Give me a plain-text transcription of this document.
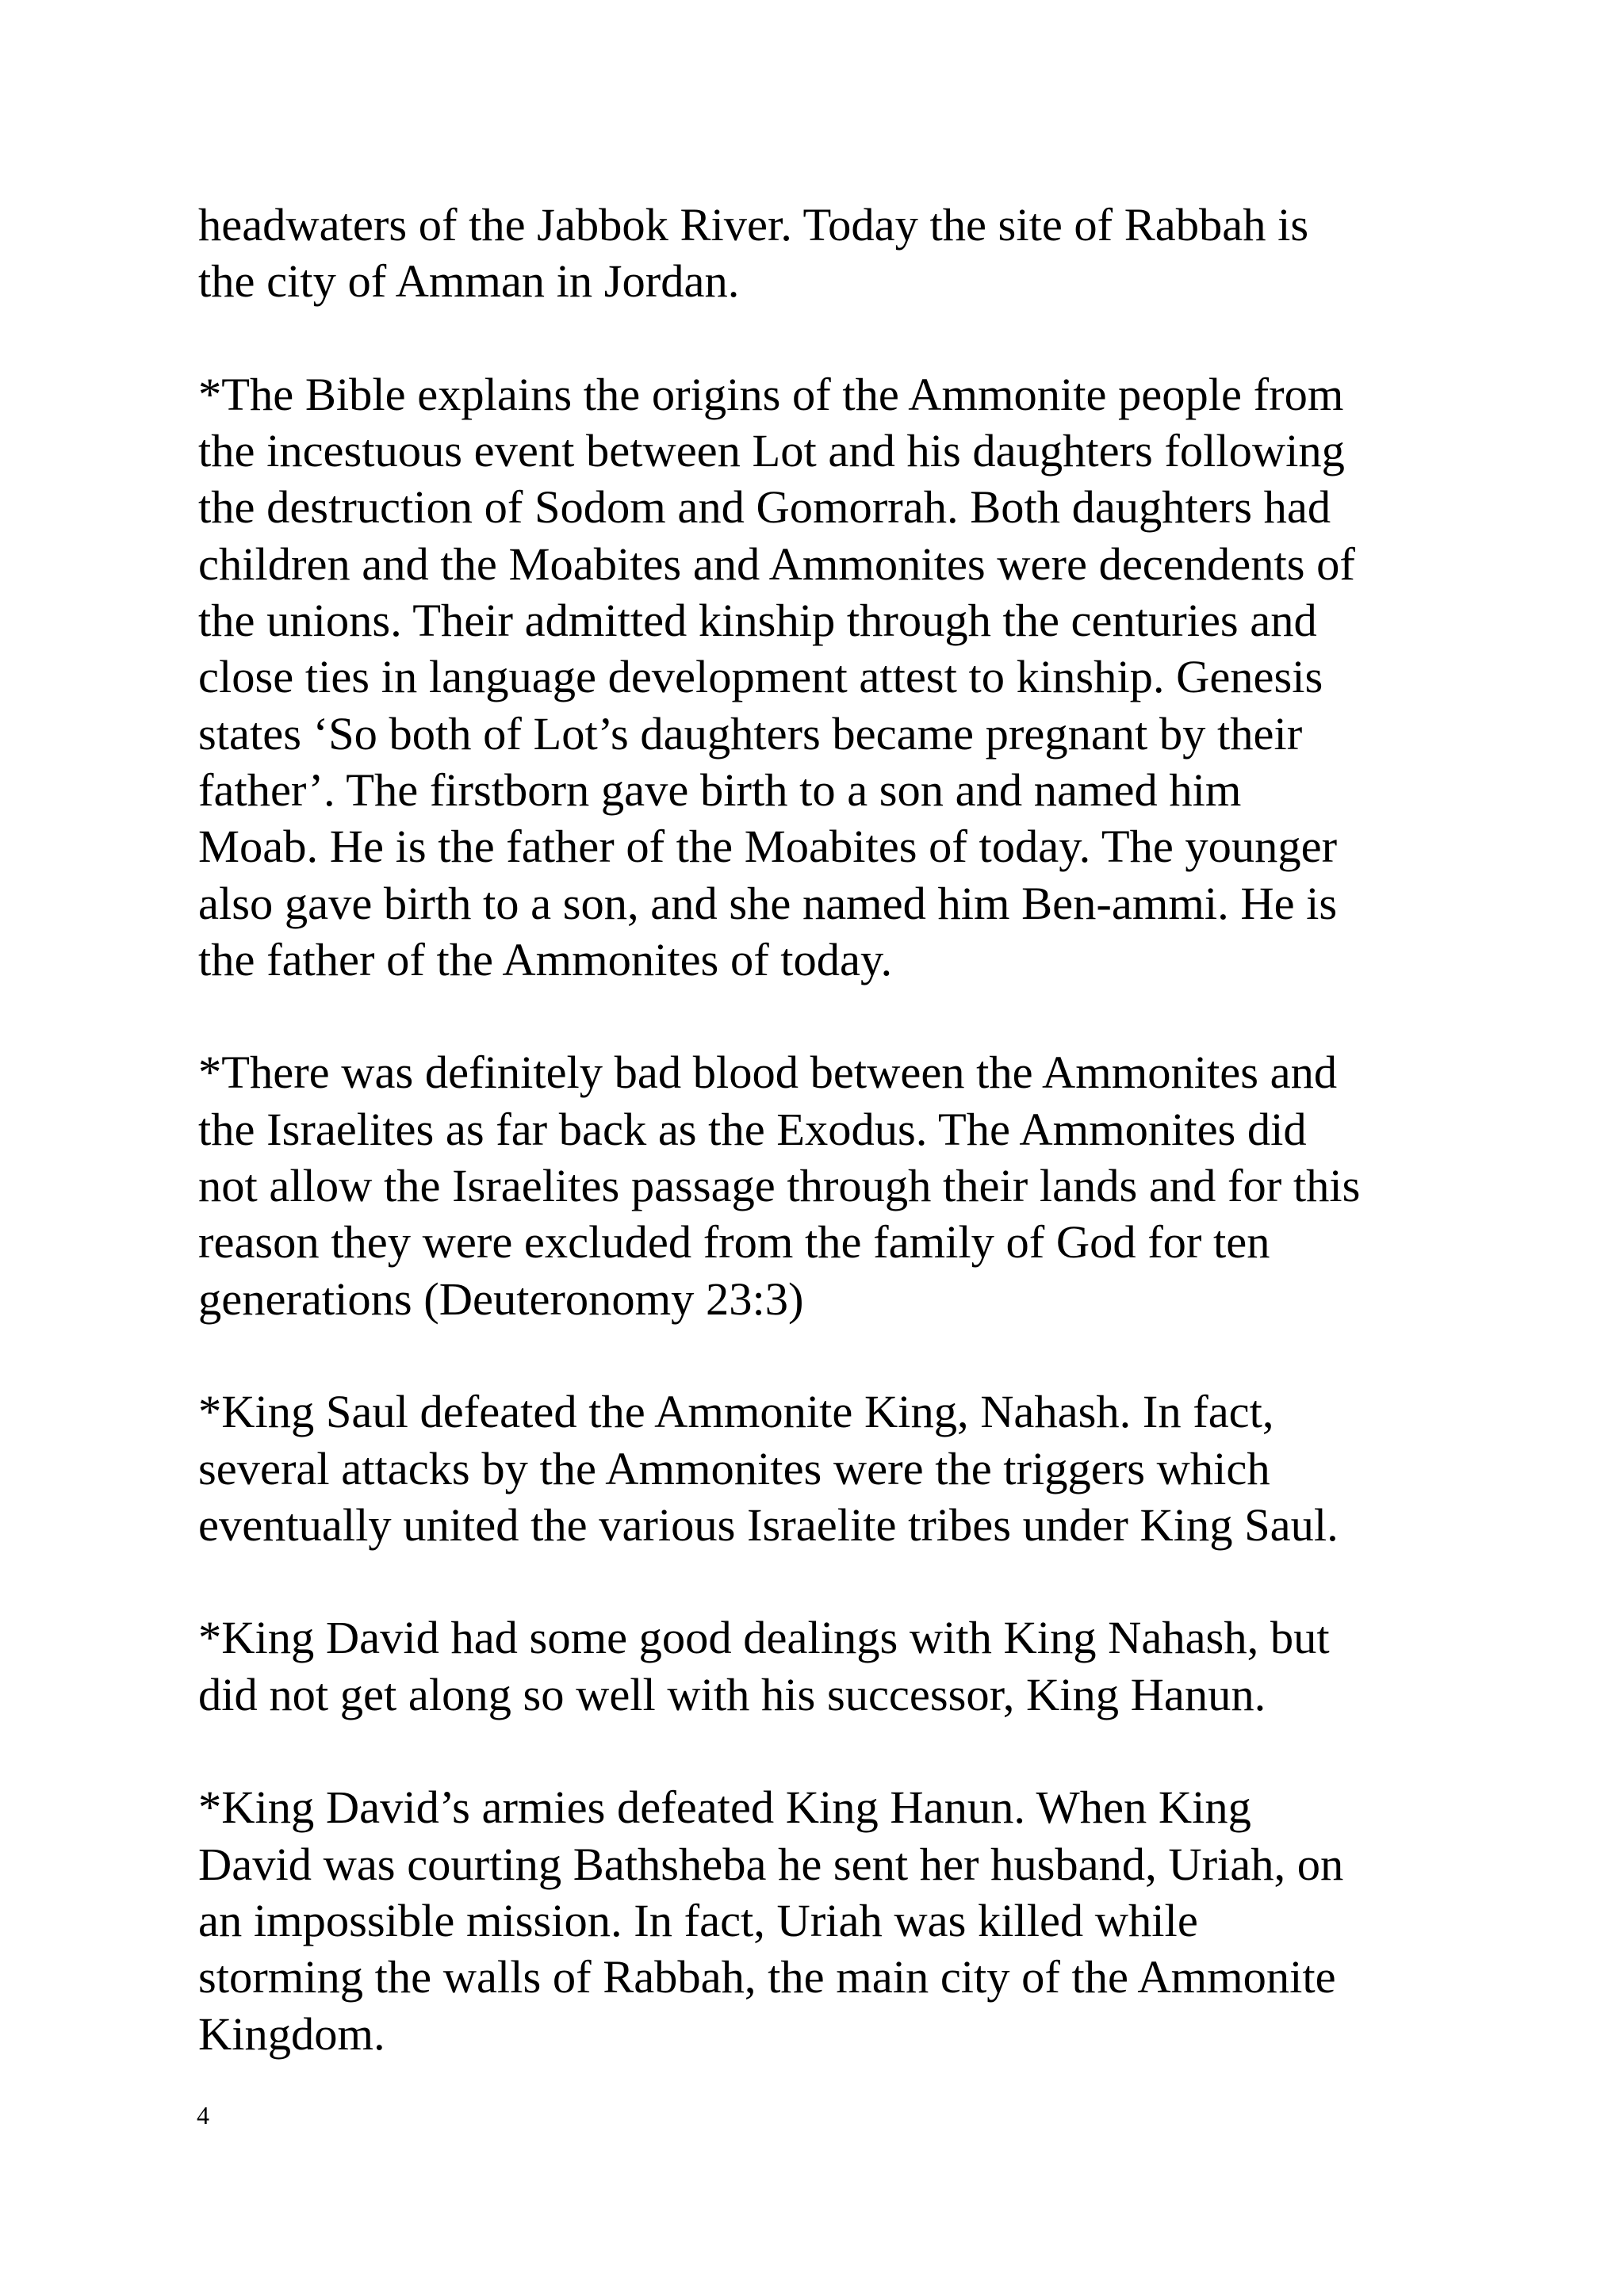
headwaters of the Jabbok River. Today the site of Rabbah is
the city of Amman in Jordan.
*The Bible explains the origins of the Ammonite people from
the incestuous event between Lot and his daughters following
the destruction of Sodom and Gomorrah. Both daughters had
children and the Moabites and Ammonites were decendents of
the unions. Their admitted kinship through the centuries and
close ties in language development attest to kinship. Genesis
states ‘So both of Lot’s daughters became pregnant by their
father’. The firstborn gave birth to a son and named him
Moab. He is the father of the Moabites of today. The younger
also gave birth to a son, and she named him Ben-ammi. He is
the father of the Ammonites of today.
*There was definitely bad blood between the Ammonites and
the Israelites as far back as the Exodus. The Ammonites did
not allow the Israelites passage through their lands and for this
reason they were excluded from the family of God for ten
generations (Deuteronomy 23:3)
*King Saul defeated the Ammonite King, Nahash. In fact,
several attacks by the Ammonites were the triggers which
eventually united the various Israelite tribes under King Saul.
*King David had some good dealings with King Nahash, but
did not get along so well with his successor, King Hanun.
*King David’s armies defeated King Hanun. When King
David was courting Bathsheba he sent her husband, Uriah, on
an impossible mission. In fact, Uriah was killed while
storming the walls of Rabbah, the main city of the Ammonite
Kingdom.
4
